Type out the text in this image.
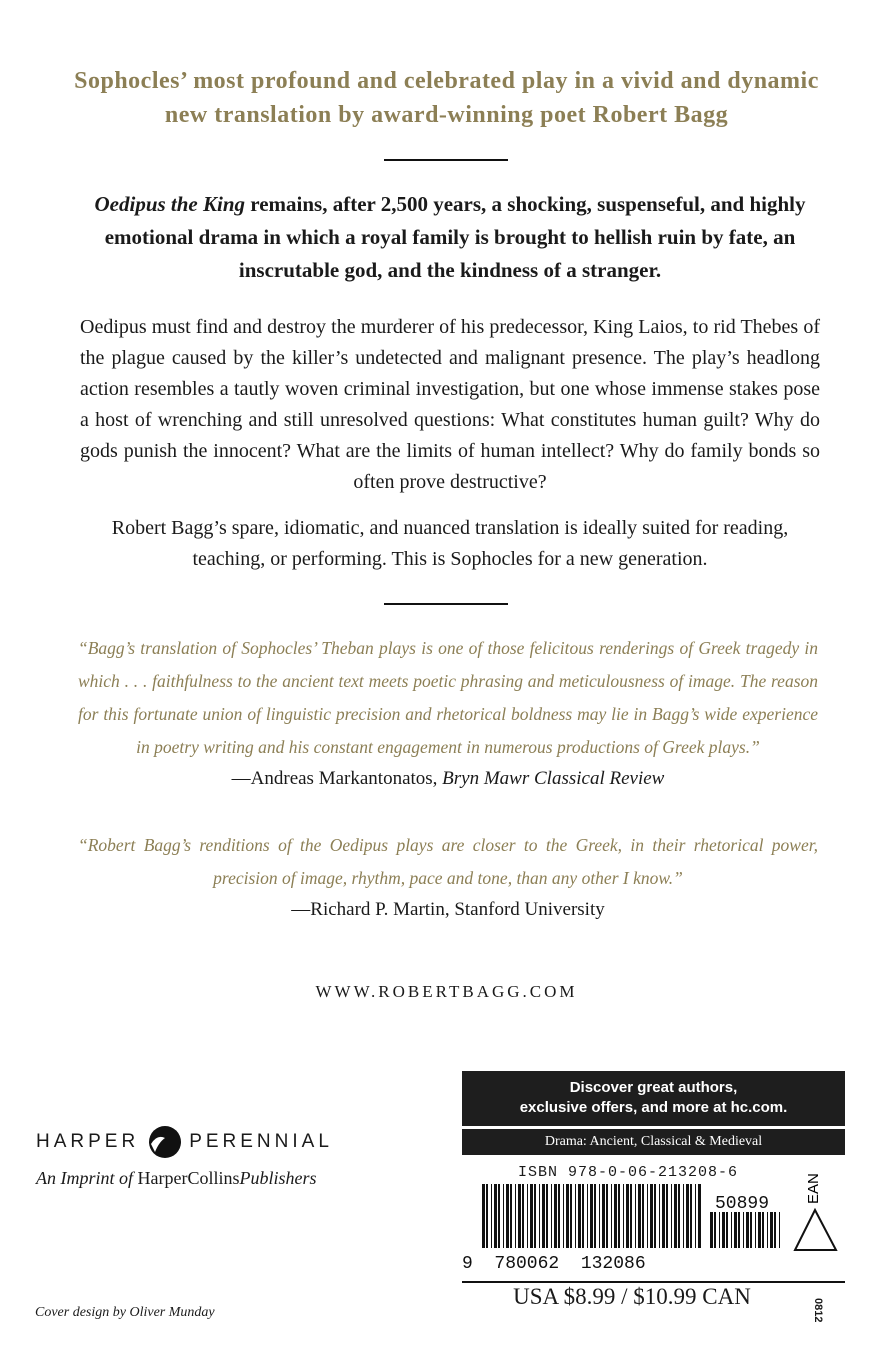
Sophocles’ most profound and celebrated play in a vivid and dynamic new translation by award-winning poet Robert Bagg
Oedipus the King remains, after 2,500 years, a shocking, suspenseful, and highly emotional drama in which a royal family is brought to hellish ruin by fate, an inscrutable god, and the kindness of a stranger.
Oedipus must find and destroy the murderer of his predecessor, King Laios, to rid Thebes of the plague caused by the killer’s undetected and malignant presence. The play’s headlong action resembles a tautly woven criminal investigation, but one whose immense stakes pose a host of wrenching and still unresolved questions: What constitutes human guilt? Why do gods punish the innocent? What are the limits of human intellect? Why do family bonds so often prove destructive?
Robert Bagg’s spare, idiomatic, and nuanced translation is ideally suited for reading, teaching, or performing. This is Sophocles for a new generation.
“Bagg’s translation of Sophocles’ Theban plays is one of those felicitous renderings of Greek tragedy in which . . . faithfulness to the ancient text meets poetic phrasing and meticulousness of image. The reason for this fortunate union of linguistic precision and rhetorical boldness may lie in Bagg’s wide experience in poetry writing and his constant engagement in numerous productions of Greek plays.”
—Andreas Markantonatos, Bryn Mawr Classical Review
“Robert Bagg’s renditions of the Oedipus plays are closer to the Greek, in their rhetorical power, precision of image, rhythm, pace and tone, than any other I know.”
—Richard P. Martin, Stanford University
WWW.ROBERTBAGG.COM
HARPER	PERENNIAL
An Imprint of HarperCollinsPublishers
Cover design by Oliver Munday
Discover great authors,
exclusive offers, and more at hc.com.
Drama: Ancient, Classical & Medieval
ISBN 978-0-06-213208-6
50899
9  780062  132086
EAN
USA $8.99 / $10.99 CAN
0812
